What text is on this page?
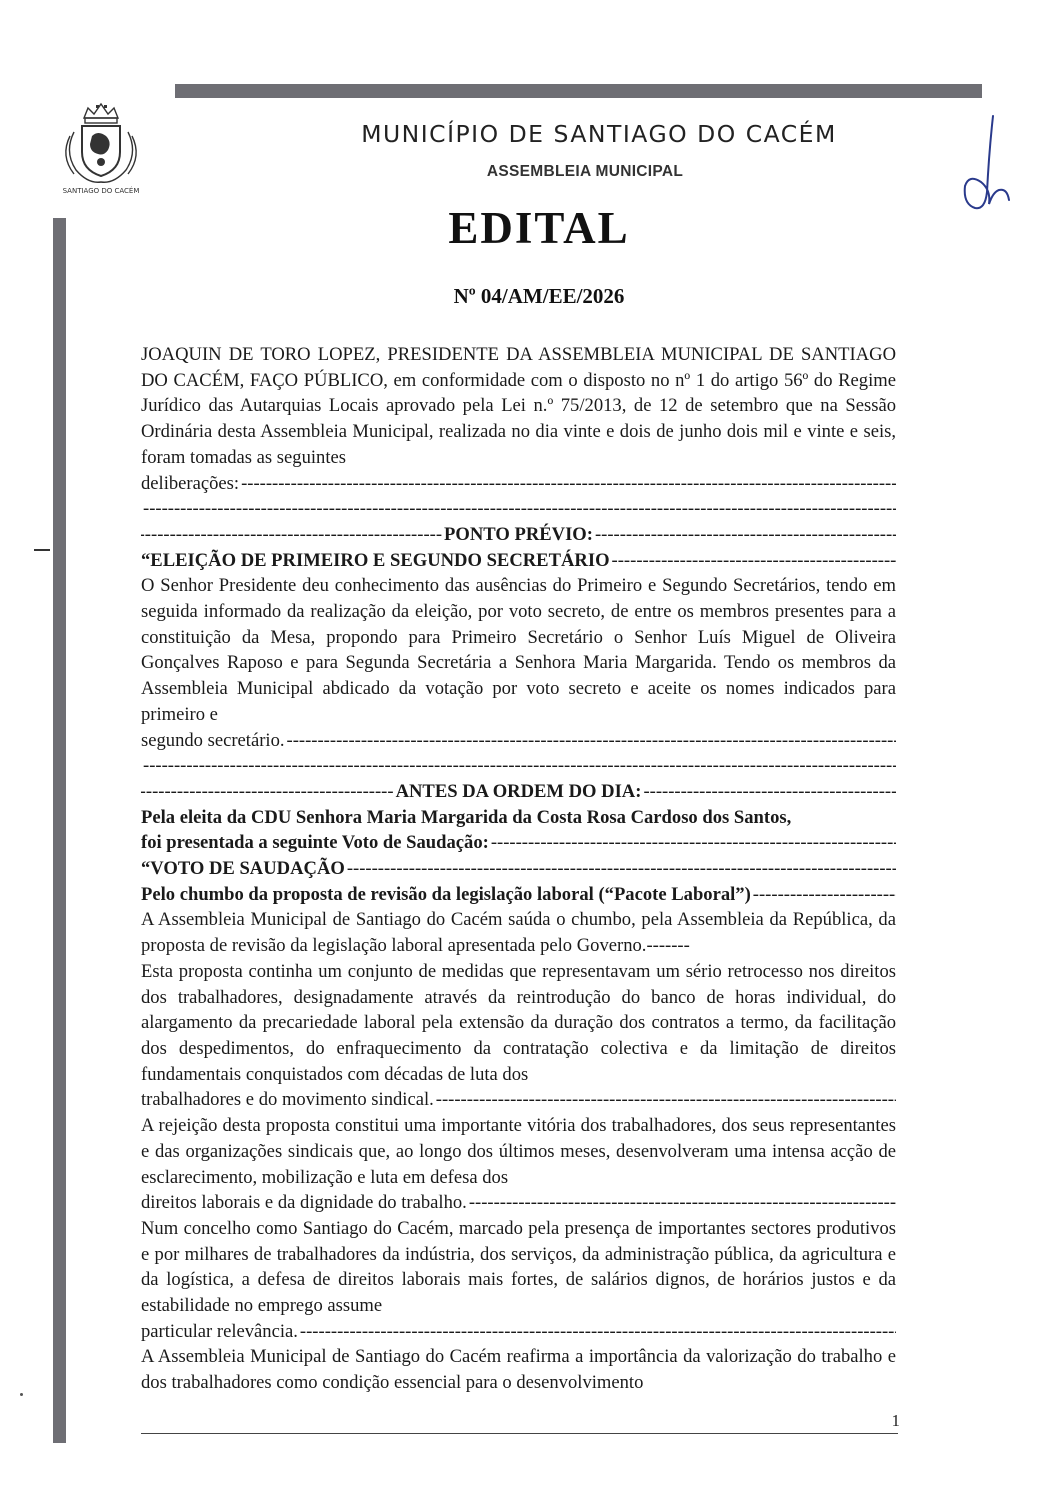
SANTIAGO DO CACÉM
MUNICÍPIO DE SANTIAGO DO CACÉM
ASSEMBLEIA MUNICIPAL
EDITAL
Nº 04/AM/EE/2026

JOAQUIN DE TORO LOPEZ, PRESIDENTE DA ASSEMBLEIA MUNICIPAL DE SANTIAGO DO CACÉM, FAÇO PÚBLICO, em conformidade com o disposto no nº 1 do artigo 56º do Regime Jurídico das Autarquias Locais aprovado pela Lei n.º 75/2013, de 12 de setembro que na Sessão Ordinária desta Assembleia Municipal, realizada no dia vinte e dois de junho dois mil e vinte e seis, foram tomadas as seguintes

deliberações:
-----
-----
-----
PONTO PRÉVIO:
-----
“ELEIÇÃO DE PRIMEIRO E SEGUNDO SECRETÁRIO
-----

O Senhor Presidente deu conhecimento das ausências do Primeiro e Segundo Secretários, tendo em seguida informado da realização da eleição, por voto secreto, de entre os membros presentes para a constituição da Mesa, propondo para Primeiro Secretário o Senhor Luís Miguel de Oliveira Gonçalves Raposo e para Segunda Secretária a Senhora Maria Margarida. Tendo os membros da Assembleia Municipal abdicado da votação por voto secreto e aceite os nomes indicados para primeiro e

segundo secretário.
-----
-----
-----
ANTES DA ORDEM DO DIA:
-----

Pela eleita da CDU Senhora Maria Margarida da Costa Rosa Cardoso dos Santos,

foi presentada a seguinte Voto de Saudação:
-----
“VOTO DE SAUDAÇÃO
-----
Pelo chumbo da proposta de revisão da legislação laboral (“Pacote Laboral”)
-----

A Assembleia Municipal de Santiago do Cacém saúda o chumbo, pela Assembleia da República, da proposta de revisão da legislação laboral apresentada pelo Governo.-------

Esta proposta continha um conjunto de medidas que representavam um sério retrocesso nos direitos dos trabalhadores, designadamente através da reintrodução do banco de horas individual, do alargamento da precariedade laboral pela extensão da duração dos contratos a termo, da facilitação dos despedimentos, do enfraquecimento da contratação colectiva e da limitação de direitos fundamentais conquistados com décadas de luta dos

trabalhadores e do movimento sindical.
-----

A rejeição desta proposta constitui uma importante vitória dos trabalhadores, dos seus representantes e das organizações sindicais que, ao longo dos últimos meses, desenvolveram uma intensa acção de esclarecimento, mobilização e luta em defesa dos

direitos laborais e da dignidade do trabalho.
-----

Num concelho como Santiago do Cacém, marcado pela presença de importantes sectores produtivos e por milhares de trabalhadores da indústria, dos serviços, da administração pública, da agricultura e da logística, a defesa de direitos laborais mais fortes, de salários dignos, de horários justos e da estabilidade no emprego assume

particular relevância.
-----

A Assembleia Municipal de Santiago do Cacém reafirma a importância da valorização do trabalho e dos trabalhadores como condição essencial para o desenvolvimento

1
